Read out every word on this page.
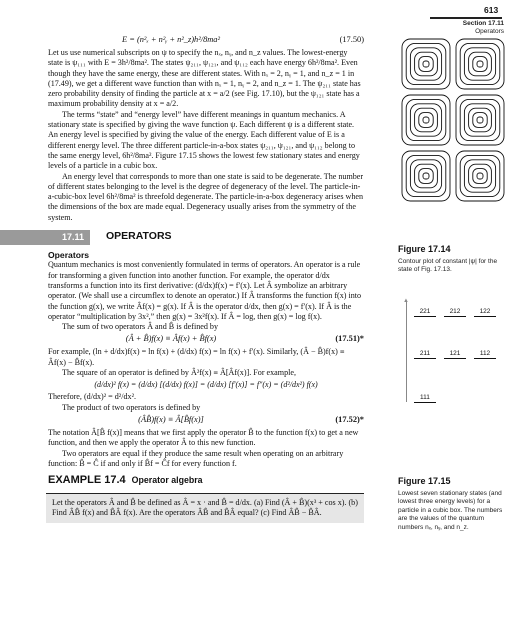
613
Section 17.11
Operators
E = (n²ₓ + n²ᵧ + n²_z)h²/8ma²	(17.50)

Let us use numerical subscripts on ψ to specify the nₓ, nᵧ, and n_z values. The lowest-energy state is ψ₁₁₁ with E = 3h²/8ma². The states ψ₂₁₁, ψ₁₂₁, and ψ₁₁₂ each have energy 6h²/8ma². Even though they have the same energy, these are different states. With nₓ = 2, nᵧ = 1, and n_z = 1 in (17.49), we get a different wave function than with nₓ = 1, nᵧ = 2, and n_z = 1. The ψ₂₁₁ state has zero probability density of finding the particle at x = a/2 (see Fig. 17.10), but the ψ₁₂₁ state has a maximum probability density at x = a/2.

The terms “state” and “energy level” have different meanings in quantum mechanics. A stationary state is specified by giving the wave function ψ. Each different ψ is a different state. An energy level is specified by giving the value of the energy. Each different value of E is a different energy level. The three different particle-in-a-box states ψ₂₁₁, ψ₁₂₁, and ψ₁₁₂ belong to the same energy level, 6h²/8ma². Figure 17.15 shows the lowest few stationary states and energy levels of a particle in a cubic box.

An energy level that corresponds to more than one state is said to be degenerate. The number of different states belonging to the level is the degree of degeneracy of the level. The particle-in-a-cubic-box level 6h²/8ma² is threefold degenerate. The particle-in-a-box degeneracy arises when the dimensions of the box are made equal. Degeneracy usually arises from the symmetry of the system.

17.11	OPERATORS
Operators

Quantum mechanics is most conveniently formulated in terms of operators. An operator is a rule for transforming a given function into another function. For example, the operator d/dx transforms a function into its first derivative: (d/dx)f(x) = f′(x). Let Â symbolize an arbitrary operator. (We shall use a circumflex to denote an operator.) If Â transforms the function f(x) into the function g(x), we write Âf(x) = g(x). If Â is the operator d/dx, then g(x) = f′(x). If Â is the operator “multiplication by 3x²,” then g(x) = 3x²f(x). If Â = log, then g(x) = log f(x).

The sum of two operators Â and B̂ is defined by

(Â + B̂)f(x) ≡ Âf(x) + B̂f(x)	(17.51)*

For example, (ln + d/dx)f(x) = ln f(x) + (d/dx) f(x) = ln f(x) + f′(x). Similarly, (Â − B̂)f(x) ≡ Âf(x) − B̂f(x).

The square of an operator is defined by Â²f(x) ≡ Â[Âf(x)]. For example,

(d/dx)² f(x) = (d/dx) [(d/dx) f(x)] = (d/dx) [f′(x)] = f″(x) = (d²/dx²) f(x)

Therefore, (d/dx)² = d²/dx².

The product of two operators is defined by

(ÂB̂)f(x) ≡ Â[B̂f(x)]	(17.52)*

The notation Â[B̂ f(x)] means that we first apply the operator B̂ to the function f(x) to get a new function, and then we apply the operator Â to this new function.

Two operators are equal if they produce the same result when operating on an arbitrary function: B̂ = Ĉ if and only if B̂f = Ĉf for every function f.

EXAMPLE 17.4 Operator algebra

Let the operators Â and B̂ be defined as Â = x · and B̂ = d/dx. (a) Find (Â + B̂)(x³ + cos x). (b) Find ÂB̂ f(x) and B̂Â f(x). Are the operators ÂB̂ and B̂Â equal? (c) Find ÂB̂ − B̂Â.

Figure 17.14
Contour plot of constant |ψ| for the state of Fig. 17.13.
▲
221	212	122
211	121	112
111
Figure 17.15
Lowest seven stationary states (and lowest three energy levels) for a particle in a cubic box. The numbers are the values of the quantum numbers nₓ, nᵧ, and n_z.
